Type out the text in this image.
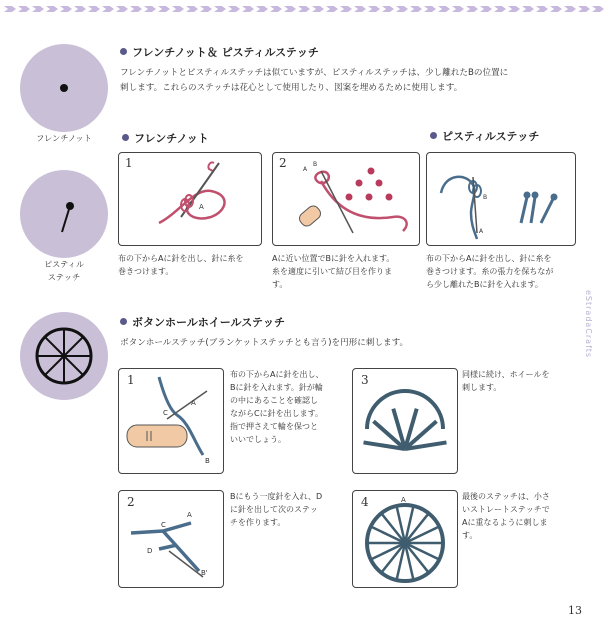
フレンチノット
ピスティル
ステッチ
フレンチノット＆ ピスティルステッチ
フレンチノットとピスティルステッチは似ていますが、ピスティルステッチは、少し離れたBの位置に
刺します。これらのステッチは花心として使用したり、図案を埋めるために使用します。
フレンチノット	ピスティルステッチ
1
A
2	A
B
B
A
布の下からAに針を出し、針に糸を
巻きつけます。
Aに近い位置でBに針を入れます。
糸を適度に引いて結び目を作りま
す。
布の下からAに針を出し、針に糸を
巻きつけます。糸の張力を保ちなが
ら少し離れたBに針を入れます。
eStradaCrafts
ボタンホールホイールステッチ
ボタンホールステッチ(ブランケットステッチとも言う)を円形に刺します。
1
A
C
B
2
A
C
D
B'
3
4	A
布の下からAに針を出し、
Bに針を入れます。針が輪
の中にあることを確認し
ながらCに針を出します。
指で押さえて輪を保つと
いいでしょう。
Bにもう一度針を入れ、D
に針を出して次のステッ
チを作ります。
同様に続け、ホイールを
刺します。
最後のステッチは、小さ
いストレートステッチで
Aに重なるように刺しま
す。
13
